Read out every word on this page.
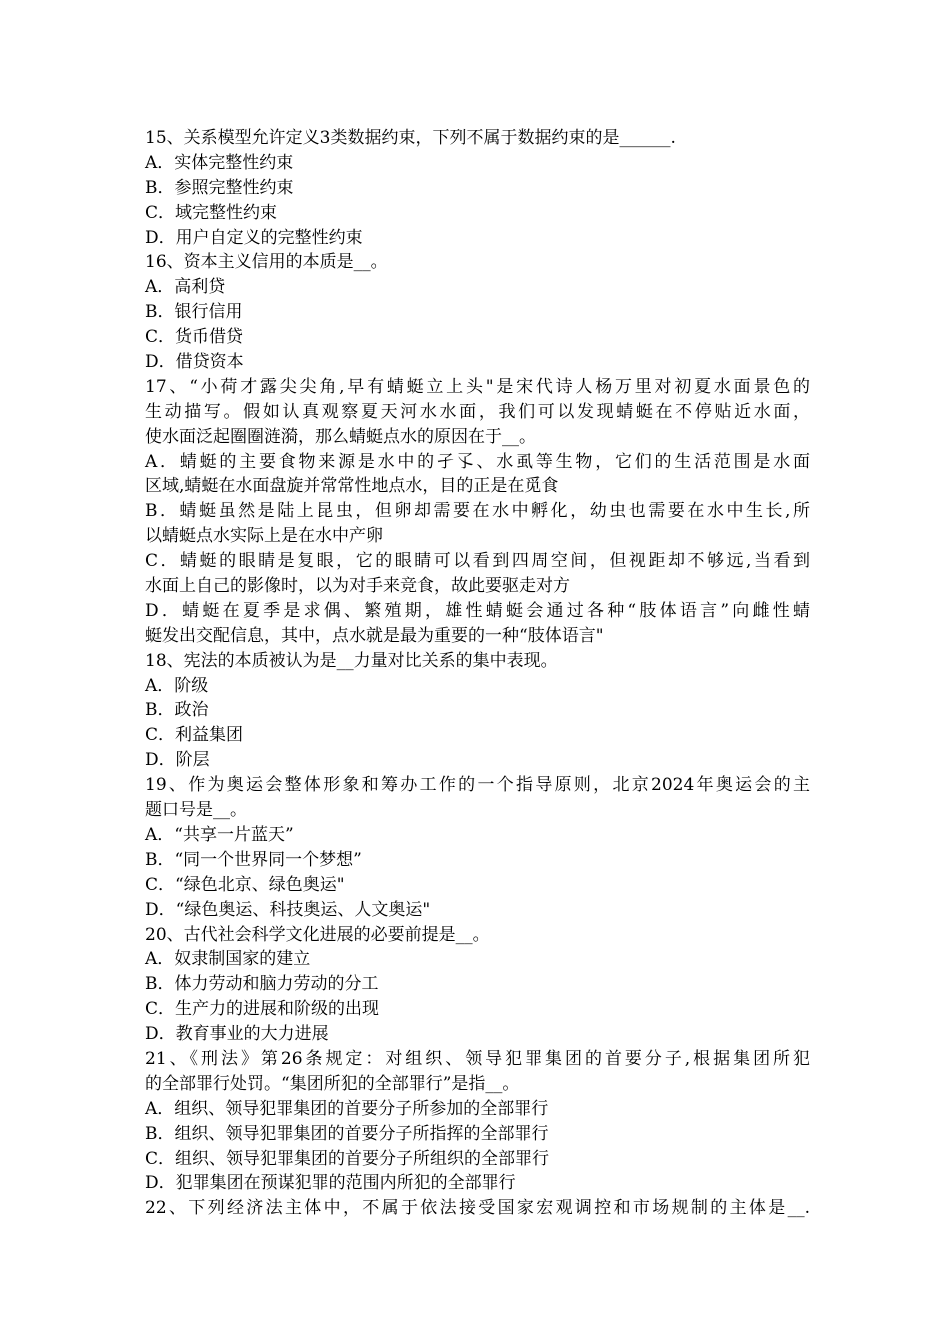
15、关系模型允许定义3类数据约束，下列不属于数据约束的是______.
A．实体完整性约束
B．参照完整性约束
C．域完整性约束
D．用户自定义的完整性约束
16、资本主义信用的本质是__。
A．高利贷
B．银行信用
C．货币借贷
D．借贷资本
17、“小荷才露尖尖角,早有蜻蜓立上头"是宋代诗人杨万里对初夏水面景色的
生动描写。假如认真观察夏天河水水面，我们可以发现蜻蜓在不停贴近水面，
使水面泛起圈圈涟漪，那么蜻蜓点水的原因在于__。
A．蜻蜓的主要食物来源是水中的孑孓、水虱等生物，它们的生活范围是水面
区域,蜻蜓在水面盘旋并常常性地点水，目的正是在觅食
B．蜻蜓虽然是陆上昆虫，但卵却需要在水中孵化，幼虫也需要在水中生长,所
以蜻蜓点水实际上是在水中产卵
C．蜻蜓的眼睛是复眼，它的眼睛可以看到四周空间，但视距却不够远,当看到
水面上自己的影像时，以为对手来竞食，故此要驱走对方
D．蜻蜓在夏季是求偶、繁殖期，雄性蜻蜓会通过各种“肢体语言”向雌性蜻
蜓发出交配信息，其中，点水就是最为重要的一种“肢体语言"
18、宪法的本质被认为是__力量对比关系的集中表现。
A．阶级
B．政治
C．利益集团
D．阶层
19、作为奥运会整体形象和筹办工作的一个指导原则，北京2024年奥运会的主
题口号是__。
A．“共享一片蓝天”
B．“同一个世界同一个梦想”
C．“绿色北京、绿色奥运"
D．“绿色奥运、科技奥运、人文奥运"
20、古代社会科学文化进展的必要前提是__。
A．奴隶制国家的建立
B．体力劳动和脑力劳动的分工
C．生产力的进展和阶级的出现
D．教育事业的大力进展
21、《刑法》第26条规定：对组织、领导犯罪集团的首要分子,根据集团所犯
的全部罪行处罚。“集团所犯的全部罪行”是指__。
A．组织、领导犯罪集团的首要分子所参加的全部罪行
B．组织、领导犯罪集团的首要分子所指挥的全部罪行
C．组织、领导犯罪集团的首要分子所组织的全部罪行
D．犯罪集团在预谋犯罪的范围内所犯的全部罪行
22、下列经济法主体中，不属于依法接受国家宏观调控和市场规制的主体是__.
